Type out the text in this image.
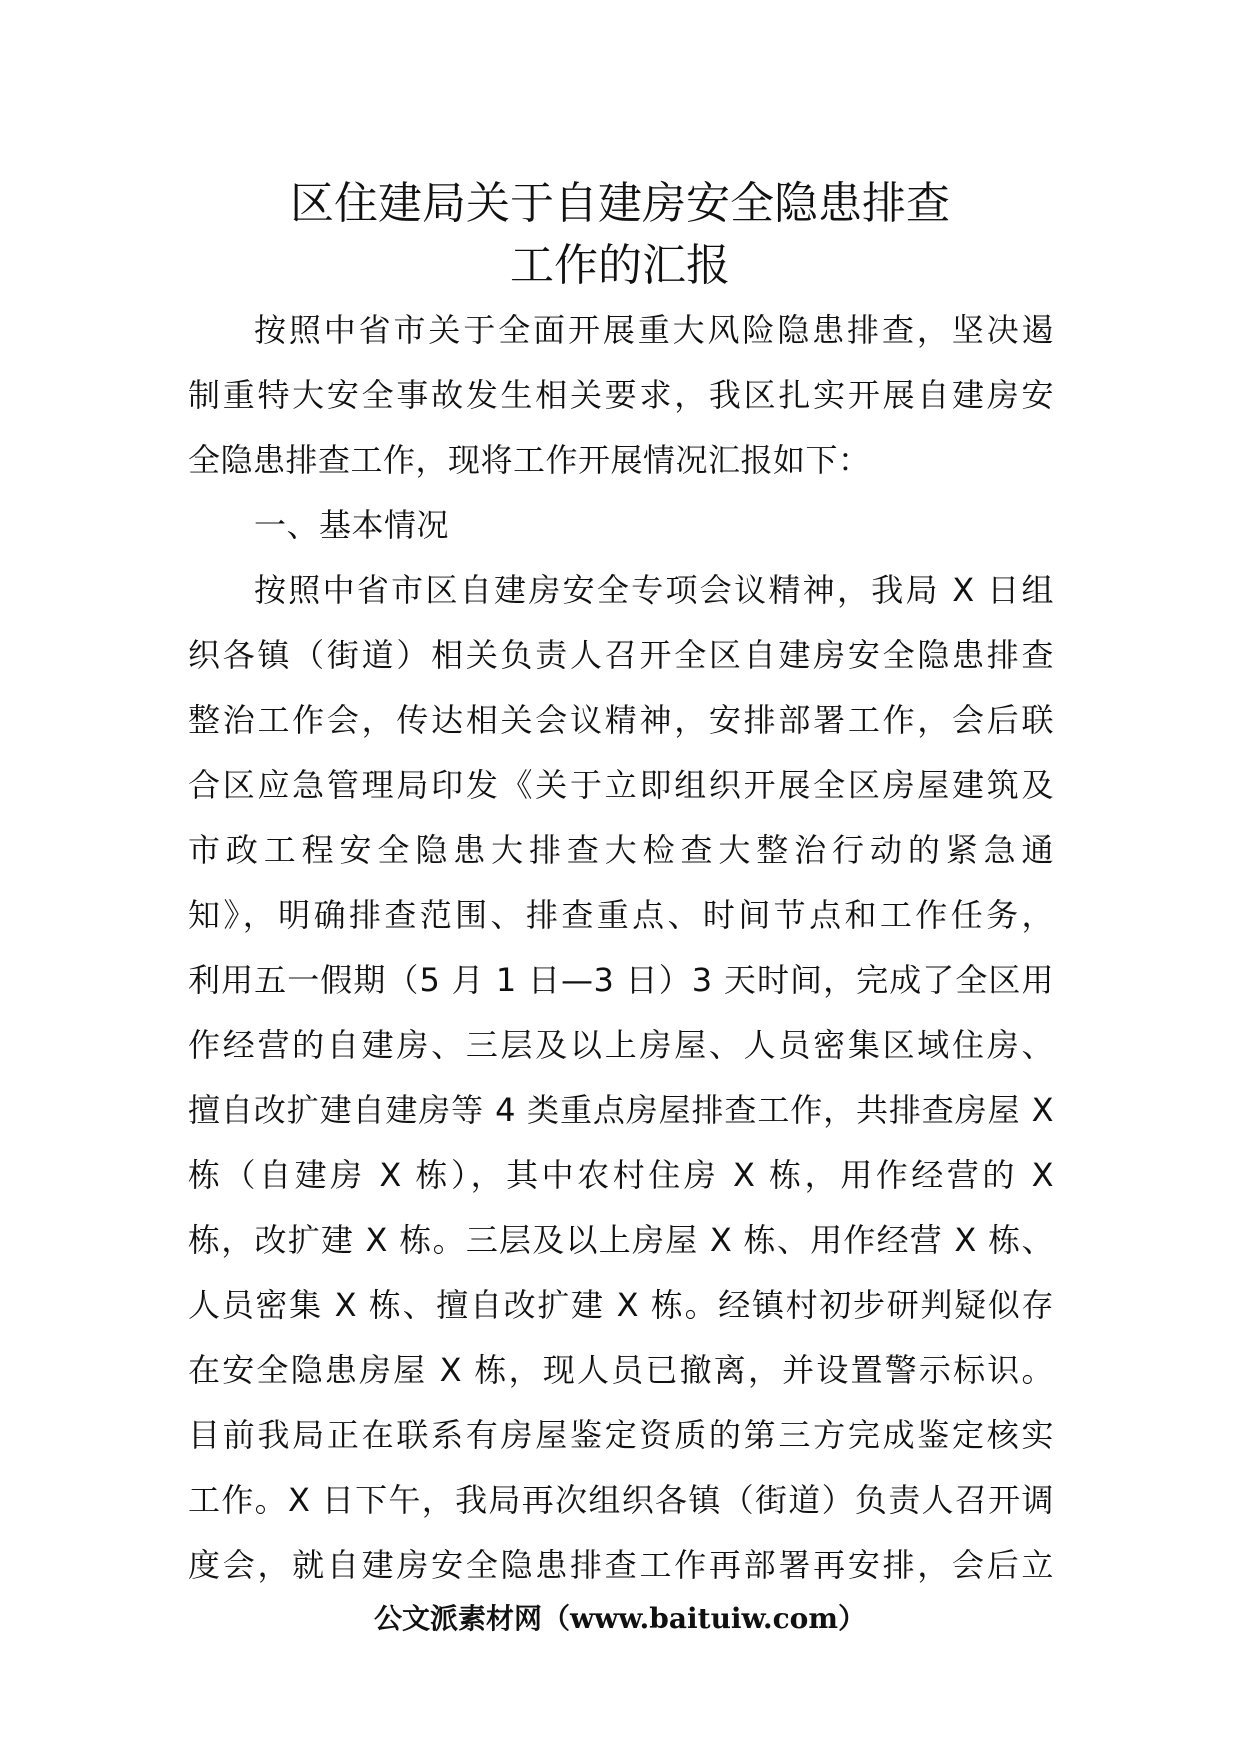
区住建局关于自建房安全隐患排查
工作的汇报
按照中省市关于全面开展重大风险隐患排查，坚决遏
制重特大安全事故发生相关要求，我区扎实开展自建房安
全隐患排查工作，现将工作开展情况汇报如下：
一、基本情况
按照中省市区自建房安全专项会议精神，我局 X 日组
织各镇（街道）相关负责人召开全区自建房安全隐患排查
整治工作会，传达相关会议精神，安排部署工作，会后联
合区应急管理局印发《关于立即组织开展全区房屋建筑及
市政工程安全隐患大排查大检查大整治行动的紧急通
知》，明确排查范围、排查重点、时间节点和工作任务，
利用五一假期（5 月 1 日—3 日）3 天时间，完成了全区用
作经营的自建房、三层及以上房屋、人员密集区域住房、
擅自改扩建自建房等 4 类重点房屋排查工作，共排查房屋 X
栋（自建房 X 栋），其中农村住房 X 栋，用作经营的 X
栋，改扩建 X 栋。三层及以上房屋 X 栋、用作经营 X 栋、
人员密集 X 栋、擅自改扩建 X 栋。经镇村初步研判疑似存
在安全隐患房屋 X 栋，现人员已撤离，并设置警示标识。
目前我局正在联系有房屋鉴定资质的第三方完成鉴定核实
工作。X 日下午，我局再次组织各镇（街道）负责人召开调
度会，就自建房安全隐患排查工作再部署再安排，会后立
公文派素材网（www.baituiw.com）
